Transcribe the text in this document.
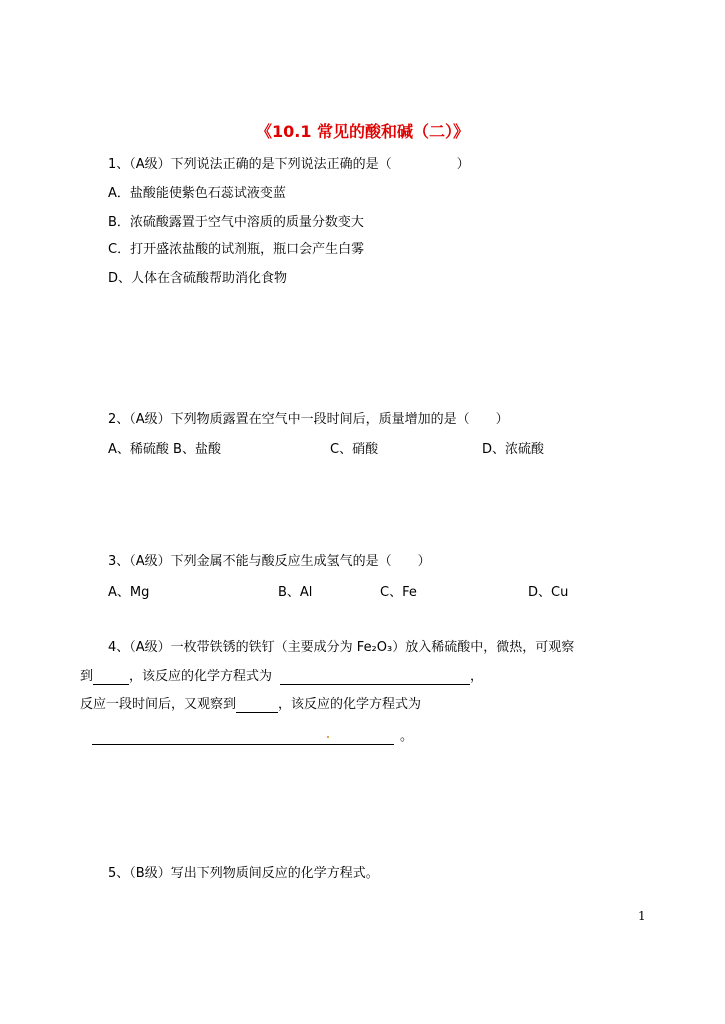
《10.1 常见的酸和碱（二）》
1、（A级）下列说法正确的是下列说法正确的是（　　　　　）
A．盐酸能使紫色石蕊试液变蓝
B．浓硫酸露置于空气中溶质的质量分数变大
C．打开盛浓盐酸的试剂瓶，瓶口会产生白雾
D、人体在含硫酸帮助消化食物
2、（A级）下列物质露置在空气中一段时间后，质量增加的是（　　）
A、稀硫酸 B、盐酸	C、硝酸	D、浓硫酸
3、（A级）下列金属不能与酸反应生成氢气的是（　　）
A、Mg	B、Al	C、Fe	D、Cu
4、（A级）一枚带铁锈的铁钉（主要成分为 Fe₂O₃）放入稀硫酸中，微热，可观察
到	，该反应的化学方程式为	，
反应一段时间后，又观察到	，该反应的化学方程式为
。
5、（B级）写出下列物质间反应的化学方程式。
1
